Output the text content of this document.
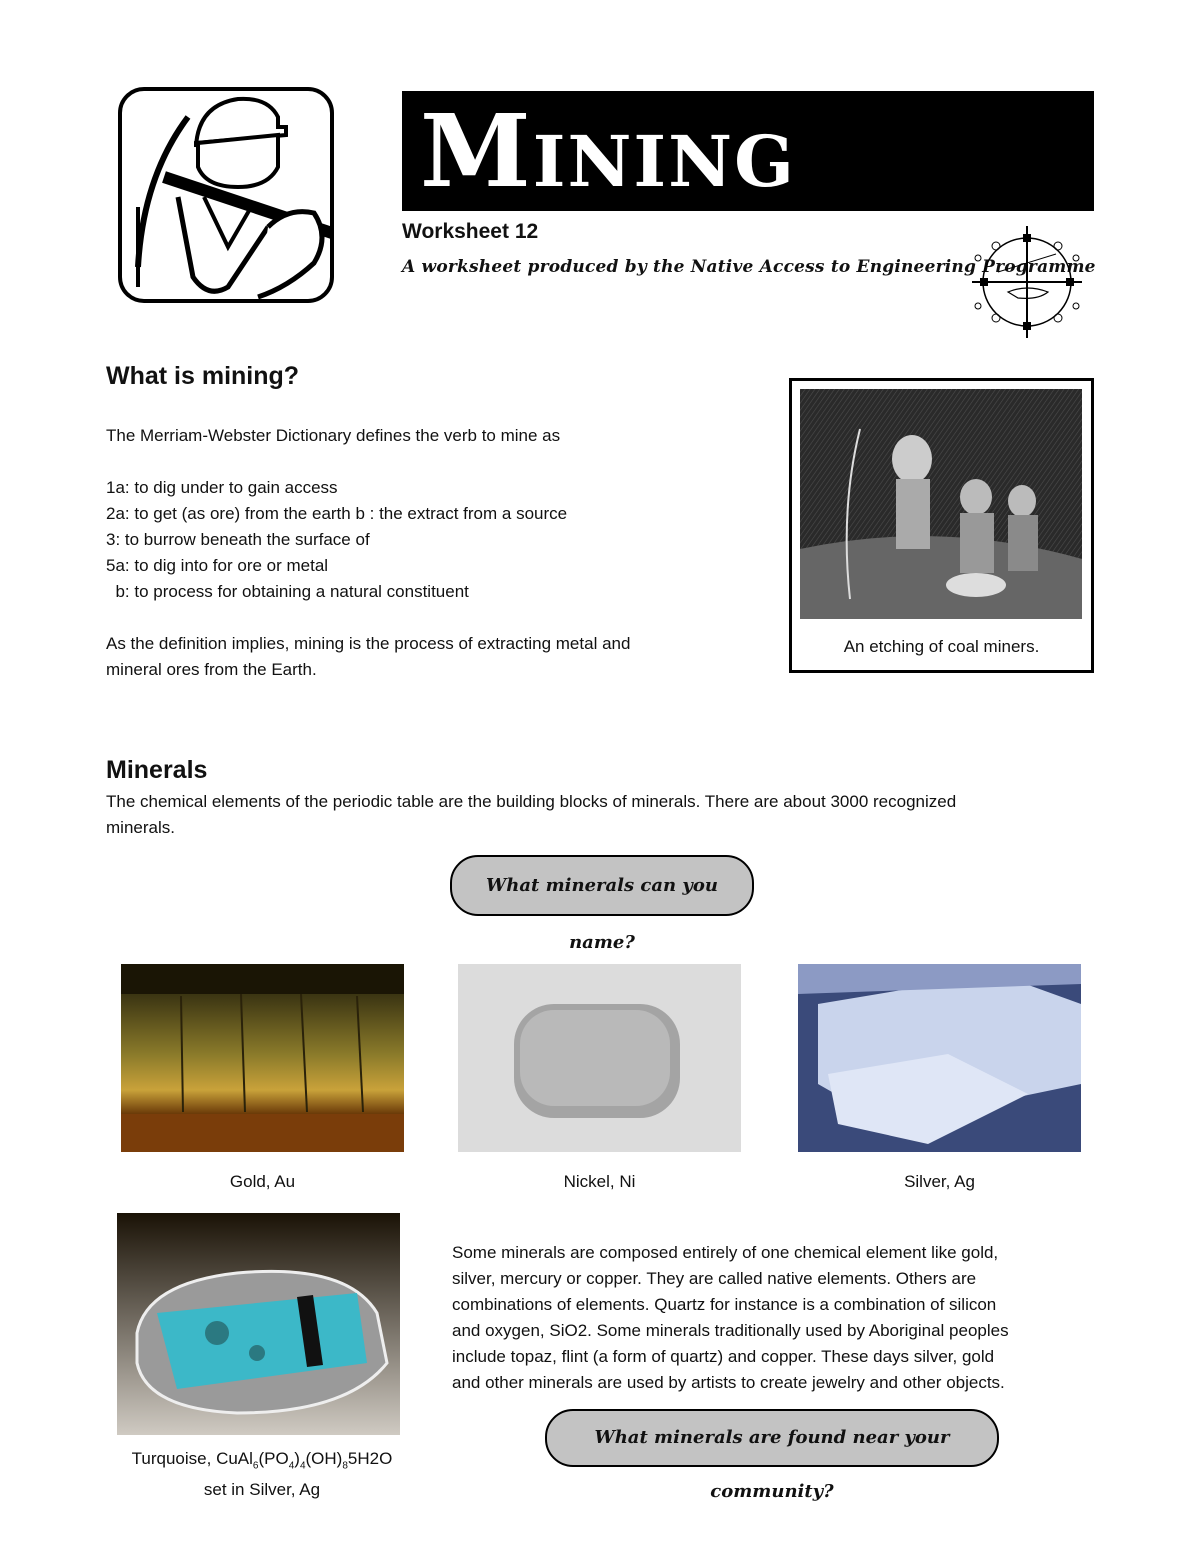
Mining
Worksheet 12
A worksheet produced by the Native Access to Engineering Programme
What is mining?
The Merriam-Webster Dictionary defines the verb to mine as
1a: to dig under to gain access
2a: to get (as ore) from the earth b : the extract from a source
3: to burrow beneath the surface of
5a: to dig into for ore or metal
b: to process for obtaining a natural constituent
As the definition implies, mining is the process of extracting metal and
mineral ores from the Earth.
An etching of coal miners.
Minerals
The chemical elements of the periodic table are the building blocks of minerals. There are about 3000 recognized
minerals.
What minerals can you name?
Gold, Au	Nickel, Ni	Silver, Ag
Turquoise, $CuAl_6(PO_4)_4(OH)_85H2O$
set in Silver, Ag
Some minerals are composed entirely of one chemical element like gold,
silver, mercury or copper. They are called native elements. Others are
combinations of elements. Quartz for instance is a combination of silicon
and oxygen, SiO2. Some minerals traditionally used by Aboriginal peoples
include topaz, flint (a form of quartz) and copper. These days silver, gold
and other minerals are used by artists to create jewelry and other objects.
What minerals are found near your community?
